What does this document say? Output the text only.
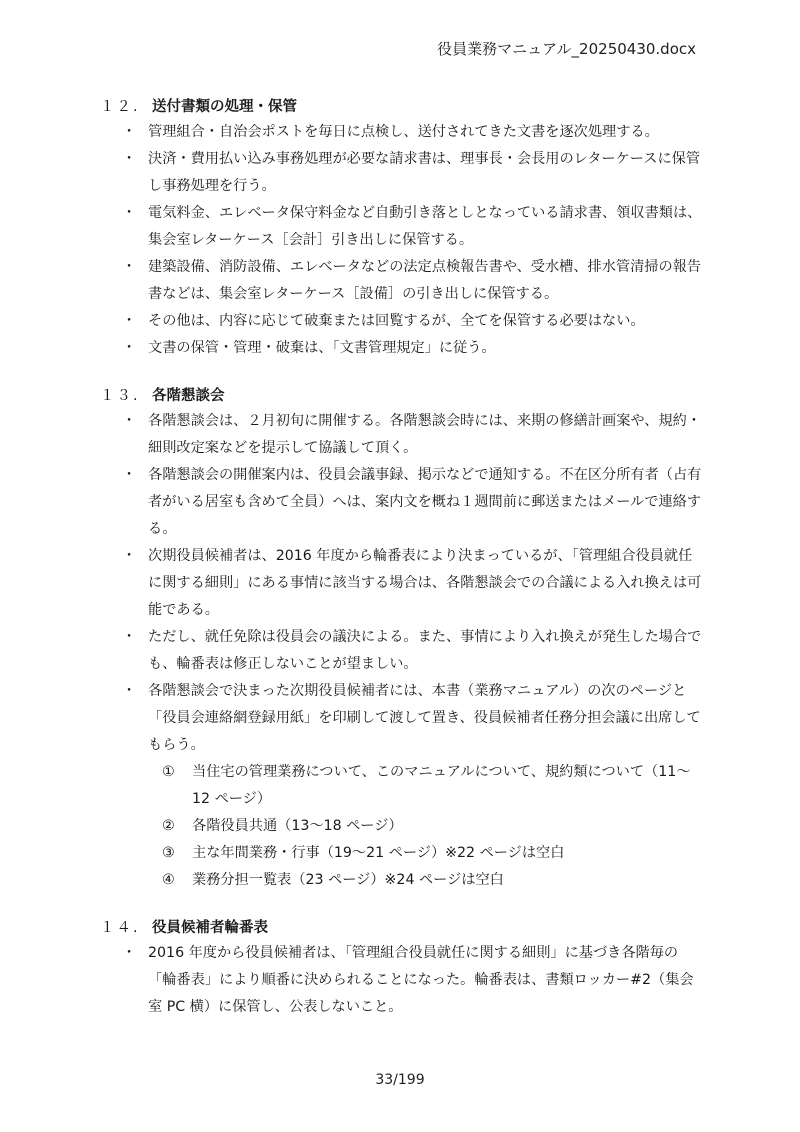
役員業務マニュアル_20250430.docx
１２. 送付書類の処理・保管
・ 管理組合・自治会ポストを毎日に点検し、送付されてきた文書を逐次処理する。
・ 決済・費用払い込み事務処理が必要な請求書は、理事長・会長用のレターケースに保管し事務処理を行う。
・ 電気料金、エレベータ保守料金など自動引き落としとなっている請求書、領収書類は、集会室レターケース［会計］引き出しに保管する。
・ 建築設備、消防設備、エレベータなどの法定点検報告書や、受水槽、排水管清掃の報告書などは、集会室レターケース［設備］の引き出しに保管する。
・ その他は、内容に応じて破棄または回覧するが、全てを保管する必要はない。
・ 文書の保管・管理・破棄は、「文書管理規定」に従う。
１３. 各階懇談会
・ 各階懇談会は、２月初旬に開催する。各階懇談会時には、来期の修繕計画案や、規約・細則改定案などを提示して協議して頂く。
・ 各階懇談会の開催案内は、役員会議事録、掲示などで通知する。不在区分所有者（占有者がいる居室も含めて全員）へは、案内文を概ね１週間前に郵送またはメールで連絡する。
・ 次期役員候補者は、2016 年度から輪番表により決まっているが、「管理組合役員就任に関する細則」にある事情に該当する場合は、各階懇談会での合議による入れ換えは可能である。
・ ただし、就任免除は役員会の議決による。また、事情により入れ換えが発生した場合でも、輪番表は修正しないことが望ましい。
・ 各階懇談会で決まった次期役員候補者には、本書（業務マニュアル）の次のページと「役員会連絡網登録用紙」を印刷して渡して置き、役員候補者任務分担会議に出席してもらう。
① 当住宅の管理業務について、このマニュアルについて、規約類について（11〜12 ページ）
② 各階役員共通（13〜18 ページ）
③ 主な年間業務・行事（19〜21 ページ）※22 ページは空白
④ 業務分担一覧表（23 ページ）※24 ページは空白
１４. 役員候補者輪番表
・ 2016 年度から役員候補者は、「管理組合役員就任に関する細則」に基づき各階毎の「輪番表」により順番に決められることになった。輪番表は、書類ロッカー#2（集会室 PC 横）に保管し、公表しないこと。
33/199
